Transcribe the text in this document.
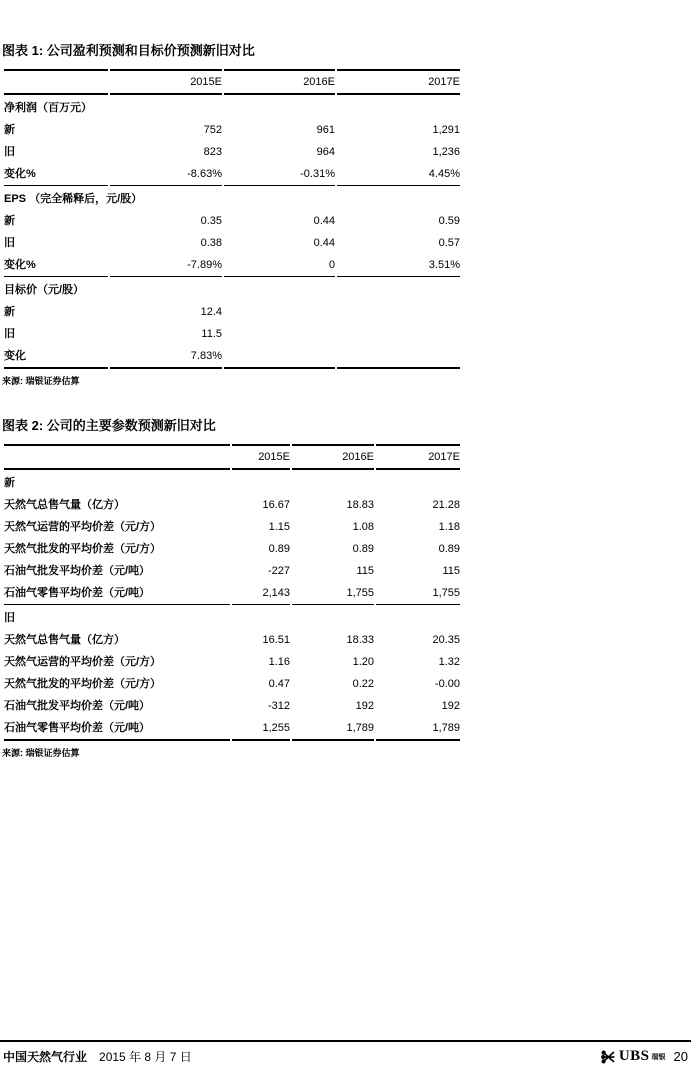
图表 1: 公司盈利预测和目标价预测新旧对比
	2015E	2016E	2017E
净利润（百万元）			
新	752	961	1,291
旧	823	964	1,236
变化%	-8.63%	-0.31%	4.45%
EPS （完全稀释后，元/股）			
新	0.35	0.44	0.59
旧	0.38	0.44	0.57
变化%	-7.89%	0	3.51%
目标价（元/股）			
新	12.4		
旧	11.5		
变化	7.83%		
来源: 瑞银证券估算
图表 2: 公司的主要参数预测新旧对比
	2015E	2016E	2017E
新			
天然气总售气量（亿方）	16.67	18.83	21.28
天然气运营的平均价差（元/方）	1.15	1.08	1.18
天然气批发的平均价差（元/方）	0.89	0.89	0.89
石油气批发平均价差（元/吨）	-227	115	115
石油气零售平均价差（元/吨）	2,143	1,755	1,755
旧			
天然气总售气量（亿方）	16.51	18.33	20.35
天然气运营的平均价差（元/方）	1.16	1.20	1.32
天然气批发的平均价差（元/方）	0.47	0.22	-0.00
石油气批发平均价差（元/吨）	-312	192	192
石油气零售平均价差（元/吨）	1,255	1,789	1,789
来源: 瑞银证券估算
中国天然气行业 2015 年 8 月 7 日	UBS 瑞银 20
